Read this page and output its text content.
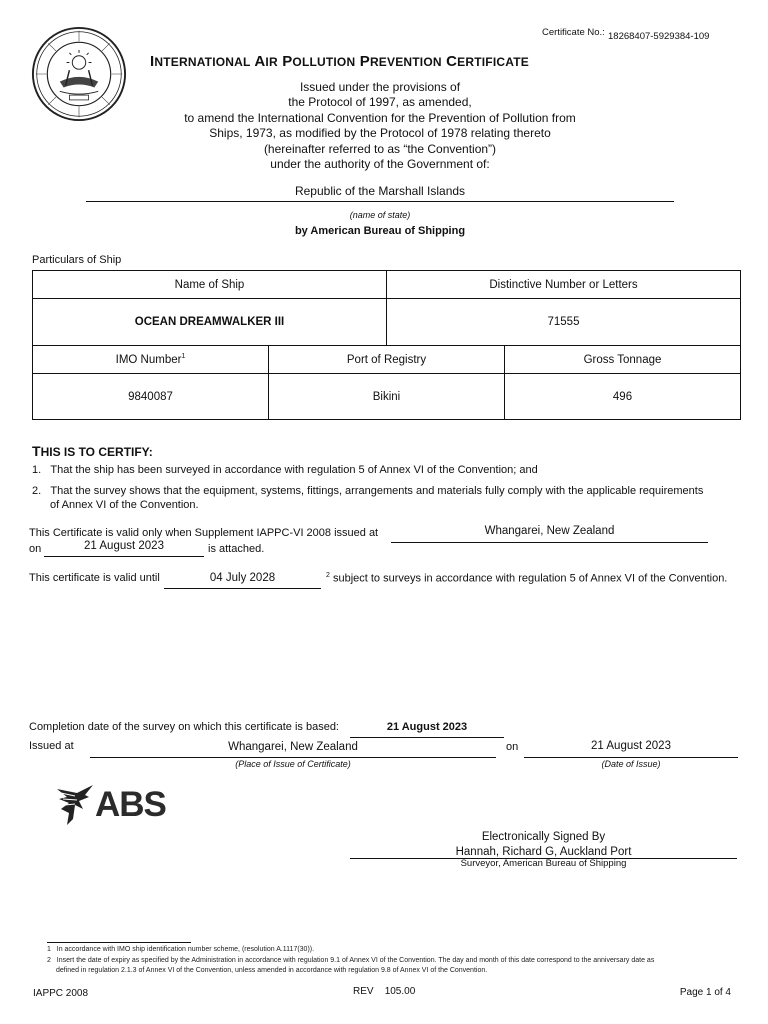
Certificate No.: 18268407-5929384-109
INTERNATIONAL AIR POLLUTION PREVENTION CERTIFICATE
Issued under the provisions of
the Protocol of 1997, as amended,
to amend the International Convention for the Prevention of Pollution from
Ships, 1973, as modified by the Protocol of 1978 relating thereto
(hereinafter referred to as “the Convention”)
under the authority of the Government of:
Republic of the Marshall Islands
(name of state)
by American Bureau of Shipping
Particulars of Ship
Name of Ship	Distinctive Number or Letters
OCEAN DREAMWALKER III	71555
IMO Number$^1$	Port of Registry	Gross Tonnage
9840087	Bikini	496
THIS IS TO CERTIFY:
1. That the ship has been surveyed in accordance with regulation 5 of Annex VI of the Convention; and
2. That the survey shows that the equipment, systems, fittings, arrangements and materials fully comply with the applicable requirements
of Annex VI of the Convention.
This Certificate is valid only when Supplement IAPPC-VI 2008 issued at	Whangarei, New Zealand
on	21 August 2023	is attached.
This certificate is valid until	04 July 2028	$^2$ subject to surveys in accordance with regulation 5 of Annex VI of the Convention.
Completion date of the survey on which this certificate is based:	21 August 2023
Issued at	Whangarei, New Zealand	on	21 August 2023
(Place of Issue of Certificate)	(Date of Issue)
ABS
Electronically Signed By
Hannah, Richard G, Auckland Port
Surveyor, American Bureau of Shipping
1 In accordance with IMO ship identification number scheme, (resolution A.1117(30)).
2 Insert the date of expiry as specified by the Administration in accordance with regulation 9.1 of Annex VI of the Convention. The day and month of this date correspond to the anniversary date as
defined in regulation 2.1.3 of Annex VI of the Convention, unless amended in accordance with regulation 9.8 of Annex VI of the Convention.
IAPPC 2008	REV 105.00	Page 1 of 4
